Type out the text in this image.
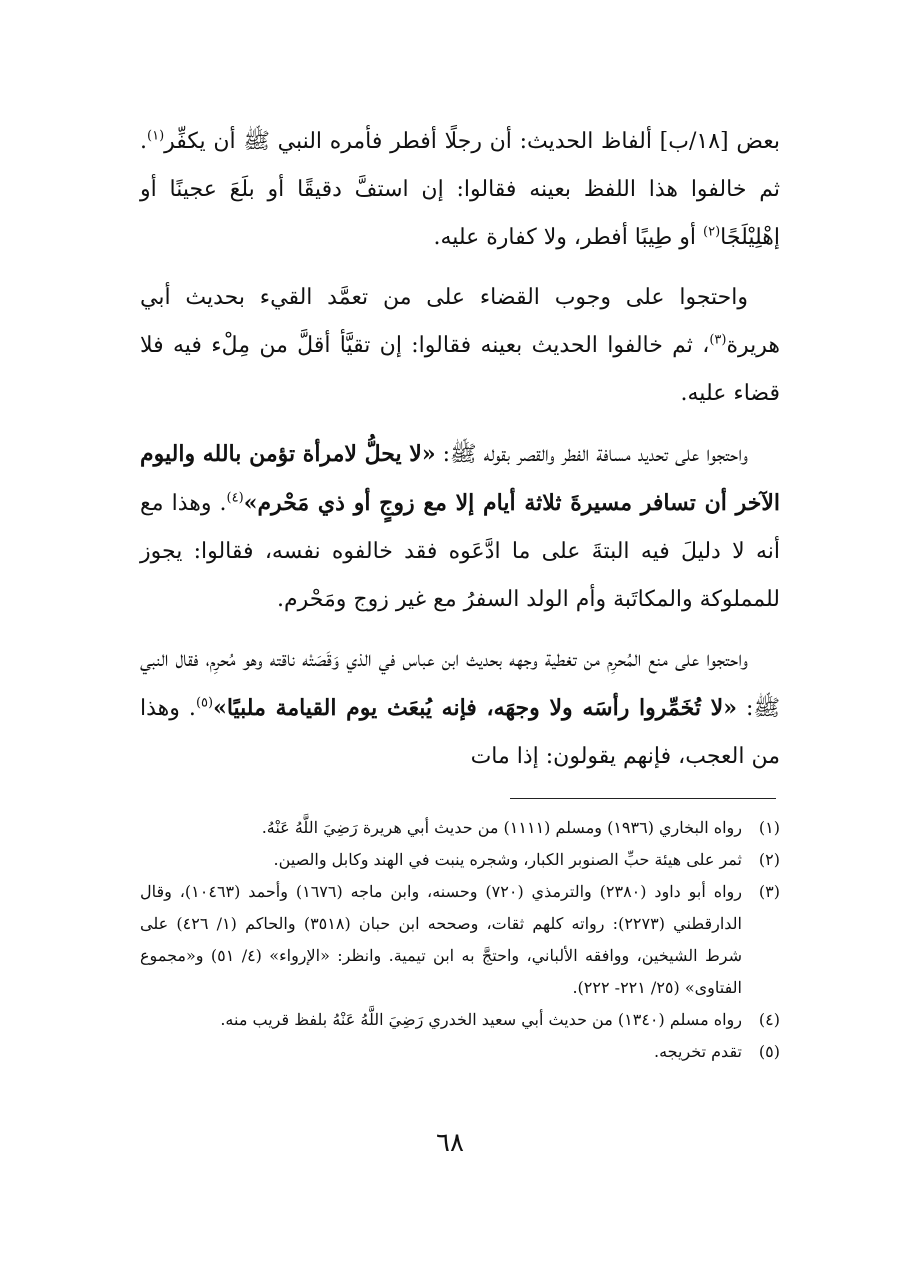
بعض [١٨/ب] ألفاظ الحديث: أن رجلًا أفطر فأمره النبي ﷺ أن يكفِّر$^{(١)}$. ثم خالفوا هذا اللفظ بعينه فقالوا: إن استفَّ دقيقًا أو بلَعَ عجينًا أو إهْلِيْلَجًا$^{(٢)}$ أو طِيبًا أفطر، ولا كفارة عليه.

واحتجوا على وجوب القضاء على من تعمَّد القيء بحديث أبي هريرة$^{(٣)}$، ثم خالفوا الحديث بعينه فقالوا: إن تقيَّأ أقلَّ من مِلْء فيه فلا قضاء عليه.

واحتجوا على تحديد مسافة الفطر والقصر بقوله ﷺ: «لا يحلُّ لامرأة تؤمن بالله واليوم الآخر أن تسافر مسيرةَ ثلاثة أيام إلا مع زوجٍ أو ذي مَحْرم»$^{(٤)}$. وهذا مع أنه لا دليلَ فيه البتةَ على ما ادَّعَوه فقد خالفوه نفسه، فقالوا: يجوز للمملوكة والمكاتَبة وأم الولد السفرُ مع غير زوج ومَحْرم.

واحتجوا على منع المُحرِم من تغطية وجهه بحديث ابن عباس في الذي وَقَصَتْه ناقته وهو مُحرِم، فقال النبي ﷺ: «لا تُخَمِّروا رأسَه ولا وجهَه، فإنه يُبعَث يوم القيامة ملبيًا»$^{(٥)}$. وهذا من العجب، فإنهم يقولون: إذا مات

(١)
رواه البخاري (١٩٣٦) ومسلم (١١١١) من حديث أبي هريرة رَضِيَ اللَّهُ عَنْهُ.
(٢)
ثمر على هيئة حبِّ الصنوبر الكبار، وشجره ينبت في الهند وكابل والصين.
(٣)
رواه أبو داود (٢٣٨٠) والترمذي (٧٢٠) وحسنه، وابن ماجه (١٦٧٦) وأحمد (١٠٤٦٣)، وقال الدارقطني (٢٢٧٣): رواته كلهم ثقات، وصححه ابن حبان (٣٥١٨) والحاكم (١/ ٤٢٦) على شرط الشيخين، ووافقه الألباني، واحتجَّ به ابن تيمية. وانظر: «الإرواء» (٤/ ٥١) و«مجموع الفتاوى» (٢٥/ ٢٢١- ٢٢٢).
(٤)
رواه مسلم (١٣٤٠) من حديث أبي سعيد الخدري رَضِيَ اللَّهُ عَنْهُ بلفظ قريب منه.
(٥)
تقدم تخريجه.
٦٨
